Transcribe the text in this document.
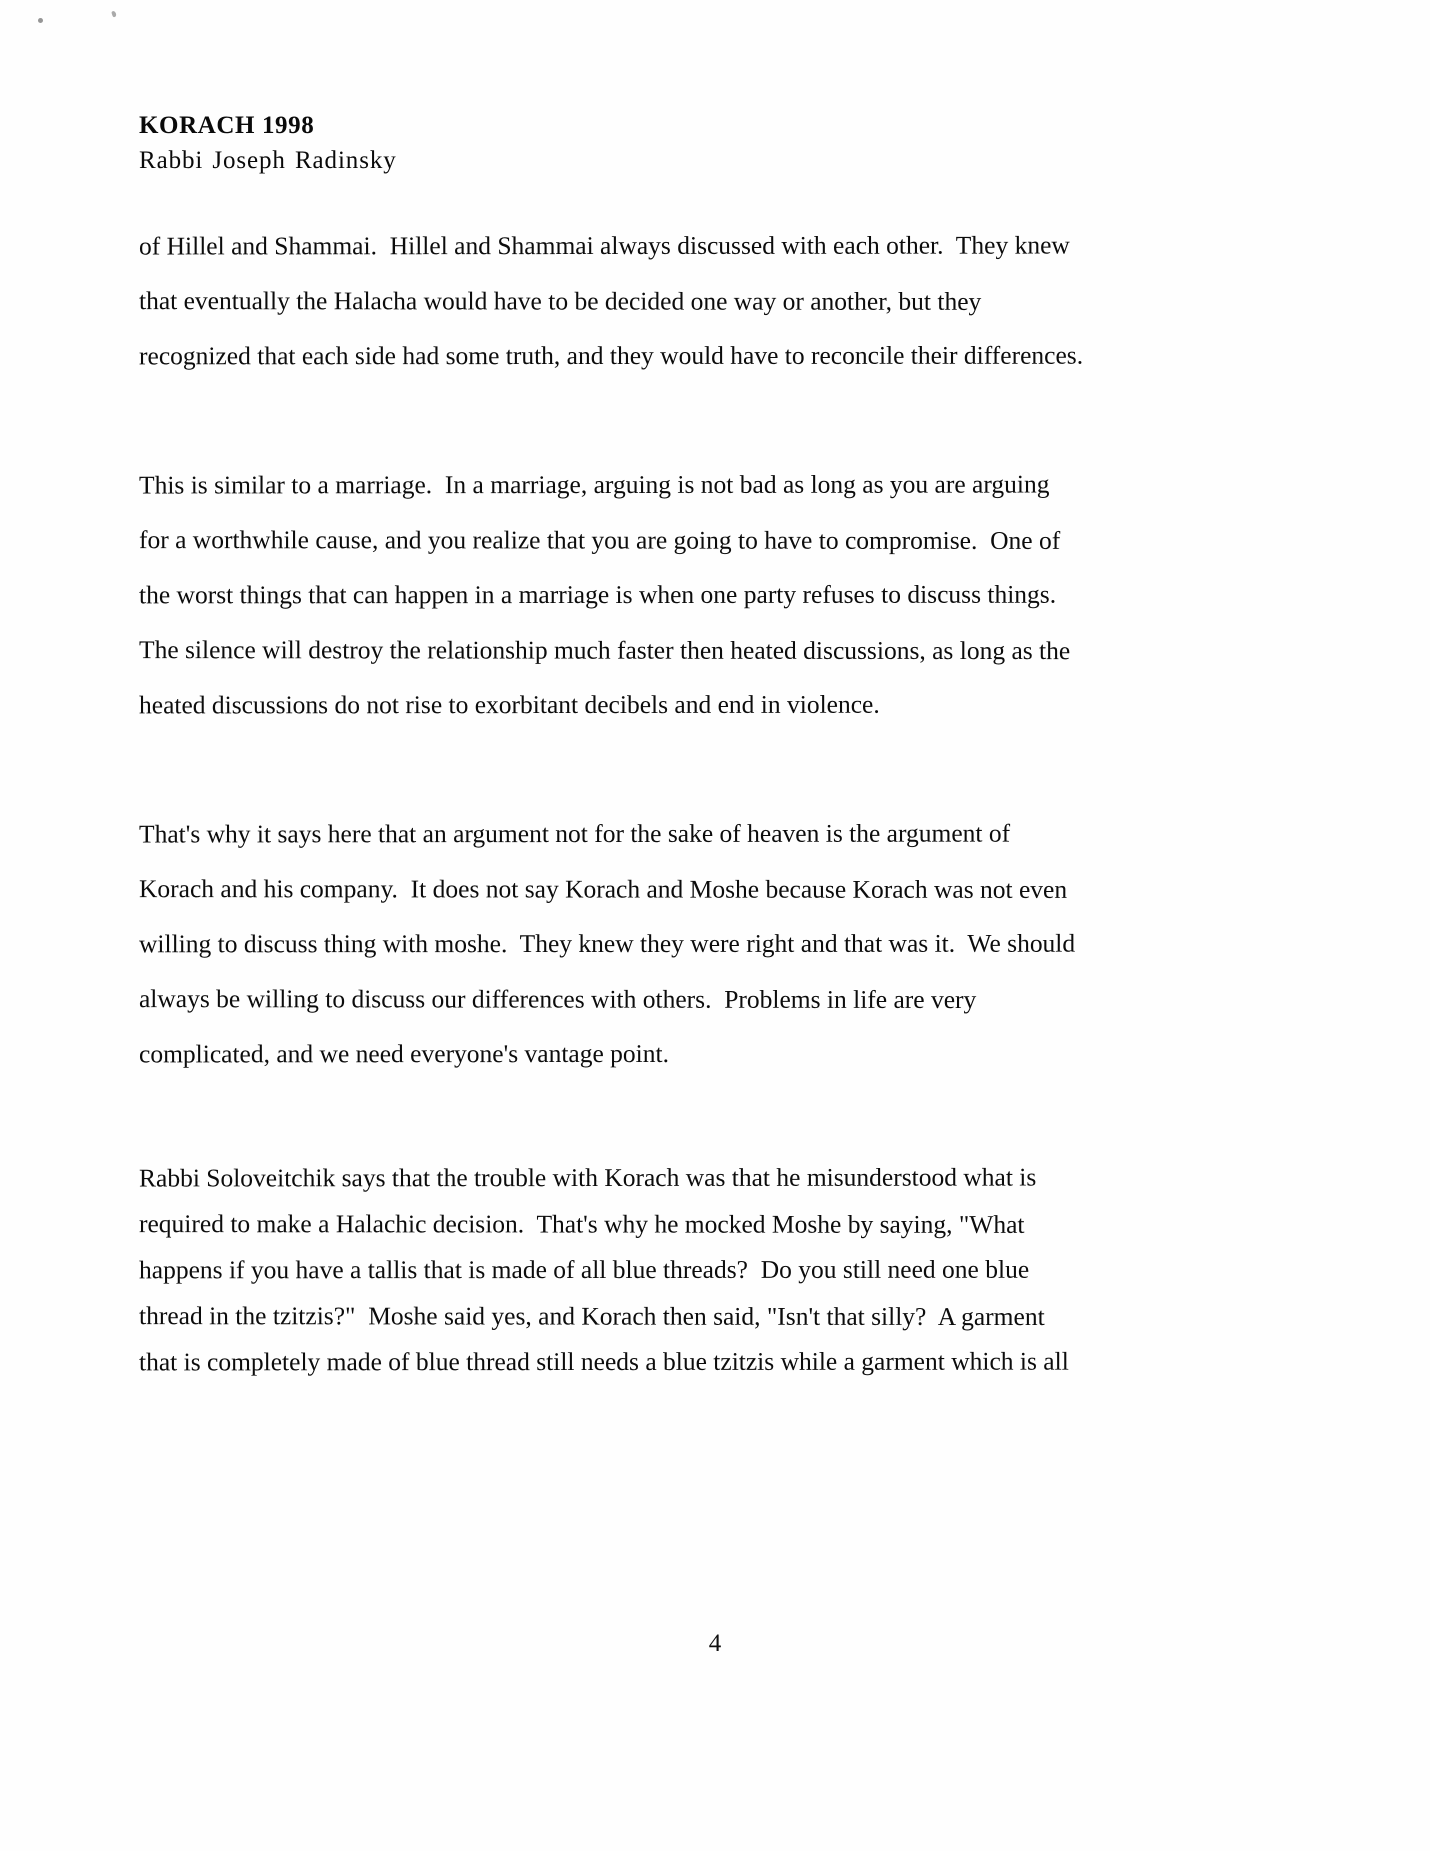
KORACH 1998
Rabbi Joseph Radinsky

of Hillel and Shammai.  Hillel and Shammai always discussed with each other.  They knew
that eventually the Halacha would have to be decided one way or another, but they
recognized that each side had some truth, and they would have to reconcile their differences.

This is similar to a marriage.  In a marriage, arguing is not bad as long as you are arguing
for a worthwhile cause, and you realize that you are going to have to compromise.  One of
the worst things that can happen in a marriage is when one party refuses to discuss things.
The silence will destroy the relationship much faster then heated discussions, as long as the
heated discussions do not rise to exorbitant decibels and end in violence.

That's why it says here that an argument not for the sake of heaven is the argument of
Korach and his company.  It does not say Korach and Moshe because Korach was not even
willing to discuss thing with moshe.  They knew they were right and that was it.  We should
always be willing to discuss our differences with others.  Problems in life are very
complicated, and we need everyone's vantage point.

Rabbi Soloveitchik says that the trouble with Korach was that he misunderstood what is
required to make a Halachic decision.  That's why he mocked Moshe by saying, "What
happens if you have a tallis that is made of all blue threads?  Do you still need one blue
thread in the tzitzis?"  Moshe said yes, and Korach then said, "Isn't that silly?  A garment
that is completely made of blue thread still needs a blue tzitzis while a garment which is all

4
